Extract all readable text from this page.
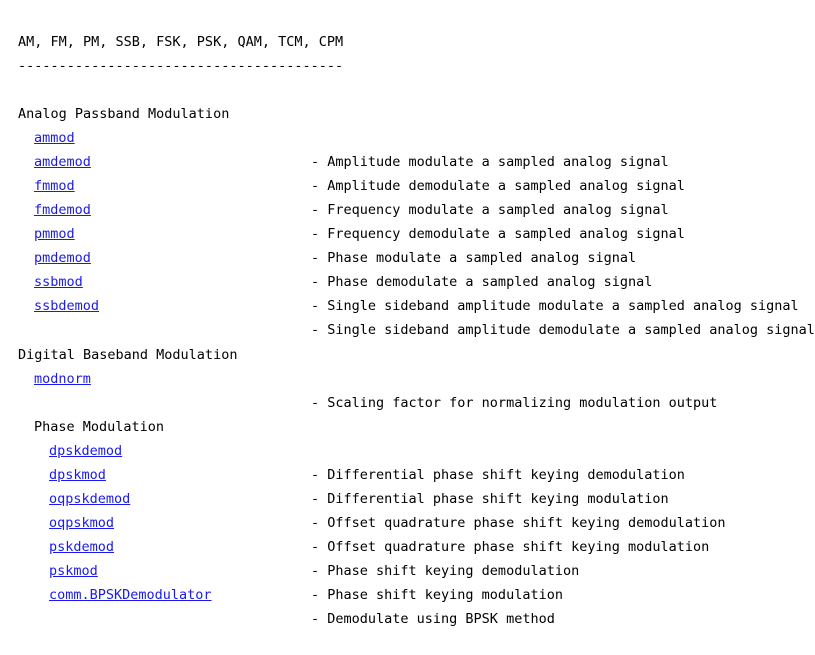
AM, FM, PM, SSB, FSK, PSK, QAM, TCM, CPM

----------------------------------------

Analog Passband Modulation

ammod

- Amplitude modulate a sampled analog signal

amdemod

- Amplitude demodulate a sampled analog signal

fmmod

- Frequency modulate a sampled analog signal

fmdemod

- Frequency demodulate a sampled analog signal

pmmod

- Phase modulate a sampled analog signal

pmdemod

- Phase demodulate a sampled analog signal

ssbmod

- Single sideband amplitude modulate a sampled analog signal

ssbdemod

- Single sideband amplitude demodulate a sampled analog signal

Digital Baseband Modulation

modnorm

- Scaling factor for normalizing modulation output

Phase Modulation

dpskdemod

- Differential phase shift keying demodulation

dpskmod

- Differential phase shift keying modulation

oqpskdemod

- Offset quadrature phase shift keying demodulation

oqpskmod

- Offset quadrature phase shift keying modulation

pskdemod

- Phase shift keying demodulation

pskmod

- Phase shift keying modulation

comm.BPSKDemodulator

- Demodulate using BPSK method
